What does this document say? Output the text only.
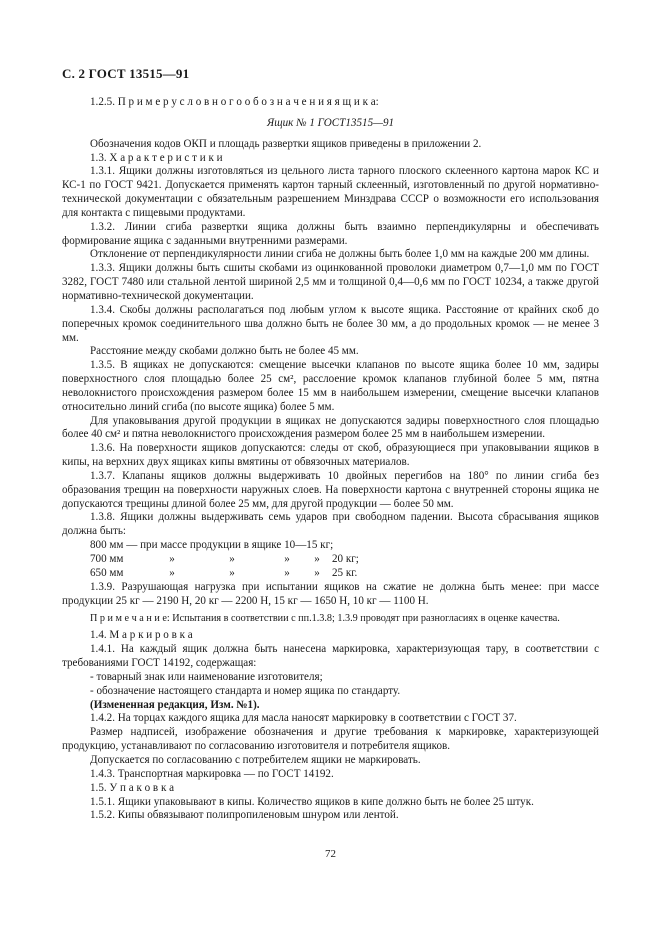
С. 2 ГОСТ 13515—91

1.2.5. П р и м е р у с л о в н о г о о б о з н а ч е н и я я щ и к а:

Ящик № 1 ГОСТ13515—91

Обозначения кодов ОКП и площадь развертки ящиков приведены в приложении 2.

1.3. Х а р а к т е р и с т и к и

1.3.1. Ящики должны изготовляться из цельного листа тарного плоского склеенного картона марок КС и КС-1 по ГОСТ 9421. Допускается применять картон тарный склеенный, изготовленный по другой нормативно-технической документации с обязательным разрешением Минздрава СССР о возможности его использования для контакта с пищевыми продуктами.

1.3.2. Линии сгиба развертки ящика должны быть взаимно перпендикулярны и обеспечивать формирование ящика с заданными внутренними размерами.

Отклонение от перпендикулярности линии сгиба не должны быть более 1,0 мм на каждые 200 мм длины.

1.3.3. Ящики должны быть сшиты скобами из оцинкованной проволоки диаметром 0,7—1,0 мм по ГОСТ 3282, ГОСТ 7480 или стальной лентой шириной 2,5 мм и толщиной 0,4—0,6 мм по ГОСТ 10234, а также другой нормативно-технической документации.

1.3.4. Скобы должны располагаться под любым углом к высоте ящика. Расстояние от крайних скоб до поперечных кромок соединительного шва должно быть не более 30 мм, а до продольных кромок — не менее 3 мм.

Расстояние между скобами должно быть не более 45 мм.

1.3.5. В ящиках не допускаются: смещение высечки клапанов по высоте ящика более 10 мм, задиры поверхностного слоя площадью более 25 см², расслоение кромок клапанов глубиной более 5 мм, пятна неволокнистого происхождения размером более 15 мм в наибольшем измерении, смещение высечки клапанов относительно линий сгиба (по высоте ящика) более 5 мм.

Для упаковывания другой продукции в ящиках не допускаются задиры поверхностного слоя площадью более 40 см² и пятна неволокнистого происхождения размером более 25 мм в наибольшем измерении.

1.3.6. На поверхности ящиков допускаются: следы от скоб, образующиеся при упаковывании ящиков в кипы, на верхних двух ящиках кипы вмятины от обвязочных материалов.

1.3.7. Клапаны ящиков должны выдерживать 10 двойных перегибов на 180° по линии сгиба без образования трещин на поверхности наружных слоев. На поверхности картона с внутренней стороны ящика не допускаются трещины длиной более 25 мм, для другой продукции — более 50 мм.

1.3.8. Ящики должны выдерживать семь ударов при свободном падении. Высота сбрасывания ящиков должна быть:

800 мм — при массе продукции в ящике 10—15 кг;

700 мм	»	»	»	»	20 кг;
650 мм	»	»	»	»	25 кг.

1.3.9. Разрушающая нагрузка при испытании ящиков на сжатие не должна быть менее: при массе продукции 25 кг — 2190 Н, 20 кг — 2200 Н, 15 кг — 1650 Н, 10 кг — 1100 Н.

П р и м е ч а н и е: Испытания в соответствии с пп.1.3.8; 1.3.9 проводят при разногласиях в оценке качества.

1.4. М а р к и р о в к а

1.4.1. На каждый ящик должна быть нанесена маркировка, характеризующая тару, в соответствии с требованиями ГОСТ 14192, содержащая:

- товарный знак или наименование изготовителя;

- обозначение настоящего стандарта и номер ящика по стандарту.

(Измененная редакция, Изм. №1).

1.4.2. На торцах каждого ящика для масла наносят маркировку в соответствии с ГОСТ 37.

Размер надписей, изображение обозначения и другие требования к маркировке, характеризующей продукцию, устанавливают по согласованию изготовителя и потребителя ящиков.

Допускается по согласованию с потребителем ящики не маркировать.

1.4.3. Транспортная маркировка — по ГОСТ 14192.

1.5. У п а к о в к а

1.5.1. Ящики упаковывают в кипы. Количество ящиков в кипе должно быть не более 25 штук.

1.5.2. Кипы обвязывают полипропиленовым шнуром или лентой.

72
